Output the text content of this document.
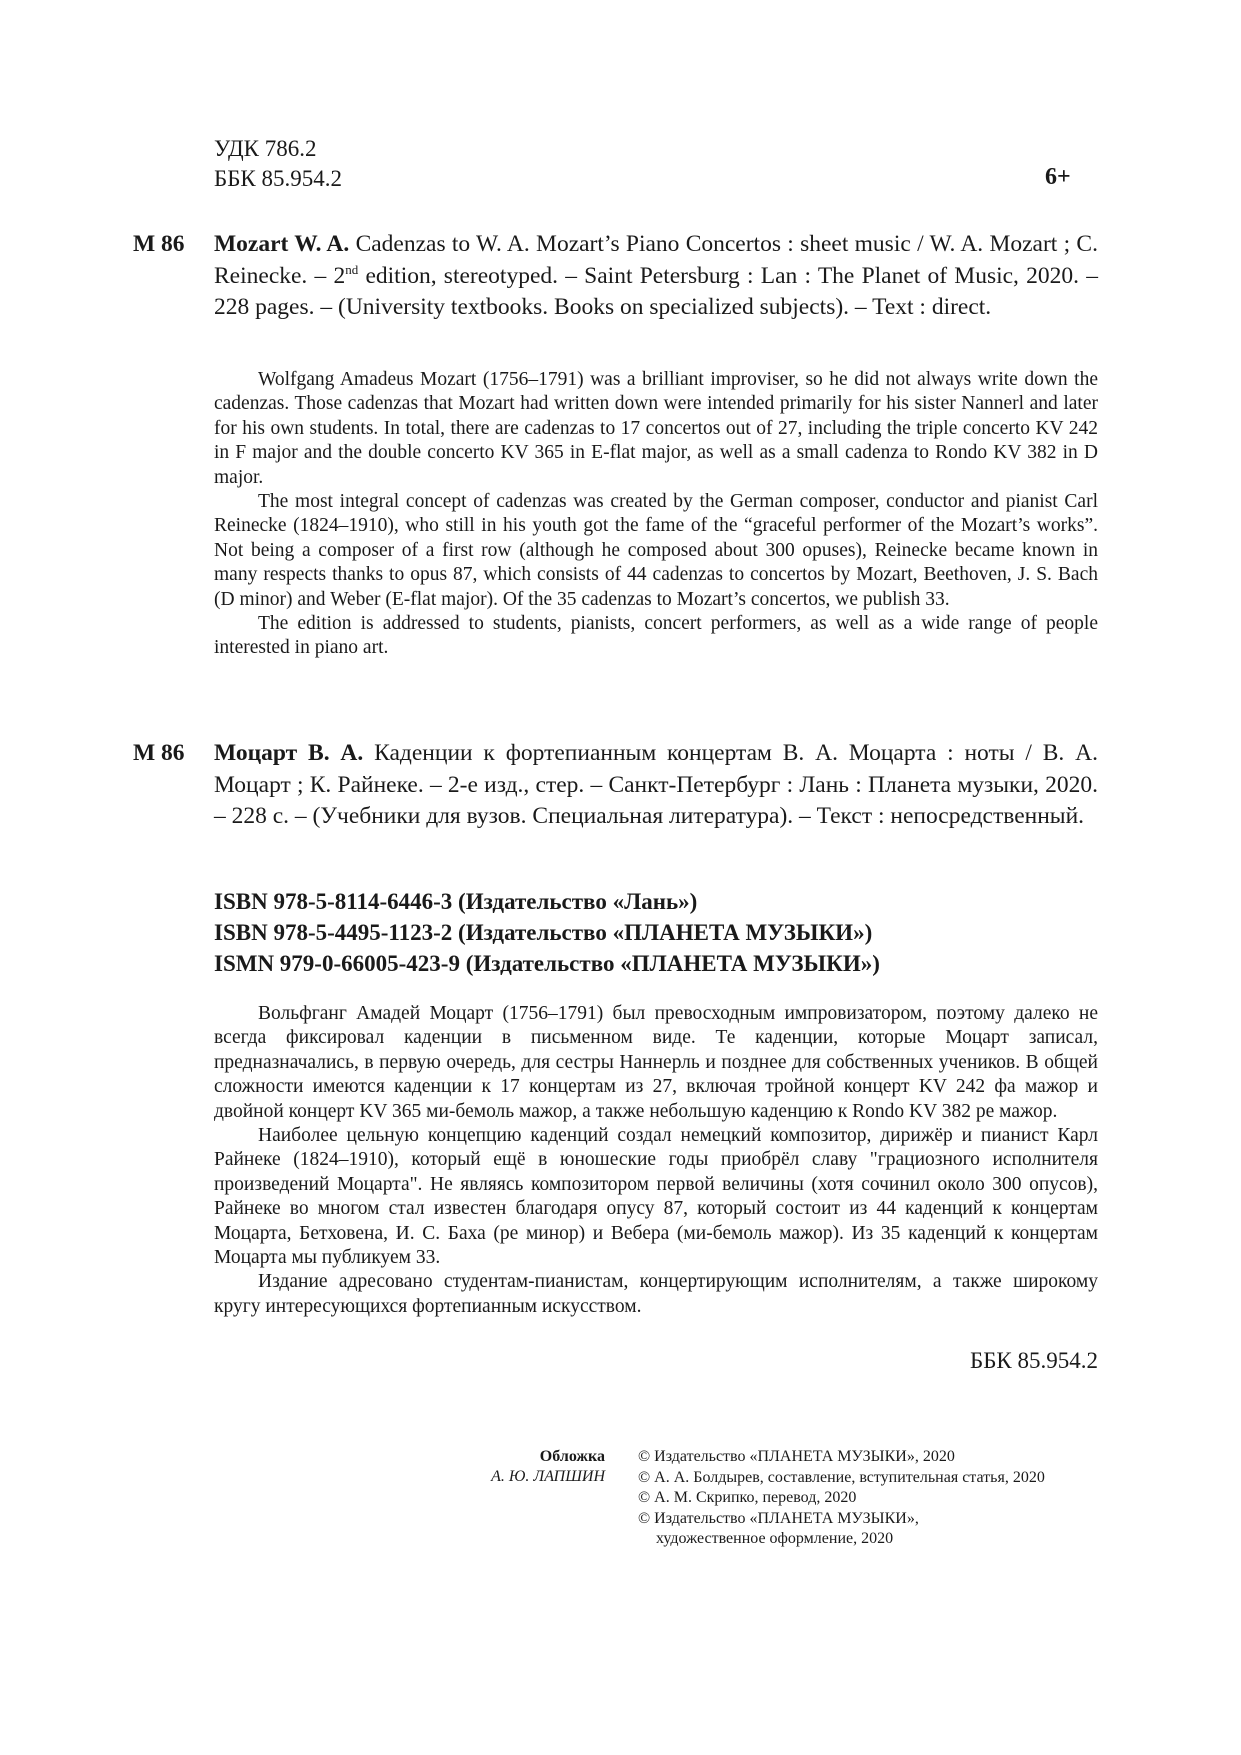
УДК 786.2
ББК 85.954.2	6+
M 86 Mozart W. A. Cadenzas to W. A. Mozart’s Piano Concertos : sheet music / W. A. Mozart ; C. Reinecke. – 2nd edition, stereotyped. – Saint Petersburg : Lan : The Planet of Music, 2020. – 228 pages. – (University textbooks. Books on specialized subjects). – Text : direct.

Wolfgang Amadeus Mozart (1756–1791) was a brilliant improviser, so he did not always write down the cadenzas. Those cadenzas that Mozart had written down were intended primarily for his sister Nannerl and later for his own students. In total, there are cadenzas to 17 concertos out of 27, including the triple concerto KV 242 in F major and the double concerto KV 365 in E-flat major, as well as a small cadenza to Rondo KV 382 in D major.

The most integral concept of cadenzas was created by the German composer, conductor and pianist Carl Reinecke (1824–1910), who still in his youth got the fame of the “graceful performer of the Mozart’s works”. Not being a composer of a first row (although he composed about 300 opuses), Reinecke became known in many respects thanks to opus 87, which consists of 44 cadenzas to concertos by Mozart, Beethoven, J. S. Bach (D minor) and Weber (E-flat major). Of the 35 cadenzas to Mozart’s concertos, we publish 33.

The edition is addressed to students, pianists, concert performers, as well as a wide range of people interested in piano art.

М 86 Моцарт В. А. Каденции к фортепианным концертам В. А. Моцарта : ноты / В. А. Моцарт ; К. Райнеке. – 2-е изд., стер. – Санкт-Петербург : Лань : Планета музыки, 2020. – 228 с. – (Учебники для вузов. Специальная литература). – Текст : непосредственный.
ISBN 978-5-8114-6446-3 (Издательство «Лань»)
ISBN 978-5-4495-1123-2 (Издательство «ПЛАНЕТА МУЗЫКИ»)
ISMN 979-0-66005-423-9 (Издательство «ПЛАНЕТА МУЗЫКИ»)

Вольфганг Амадей Моцарт (1756–1791) был превосходным импровизатором, поэтому далеко не всегда фиксировал каденции в письменном виде. Те каденции, которые Моцарт записал, предназначались, в первую очередь, для сестры Наннерль и позднее для собственных учеников. В общей сложности имеются каденции к 17 концертам из 27, включая тройной концерт KV 242 фа мажор и двойной концерт KV 365 ми-бемоль мажор, а также небольшую каденцию к Rondo KV 382 ре мажор.

Наиболее цельную концепцию каденций создал немецкий композитор, дирижёр и пианист Карл Райнеке (1824–1910), который ещё в юношеские годы приобрёл славу "грациозного исполнителя произведений Моцарта". Не являясь композитором первой величины (хотя сочинил около 300 опусов), Райнеке во многом стал известен благодаря опусу 87, который состоит из 44 каденций к концертам Моцарта, Бетховена, И. С. Баха (ре минор) и Вебера (ми-бемоль мажор). Из 35 каденций к концертам Моцарта мы публикуем 33.

Издание адресовано студентам-пианистам, концертирующим исполнителям, а также широкому кругу интересующихся фортепианным искусством.

ББК 85.954.2
Обложка
А. Ю. ЛАПШИН
© Издательство «ПЛАНЕТА МУЗЫКИ», 2020
© А. А. Болдырев, составление, вступительная статья, 2020
© А. М. Скрипко, перевод, 2020
© Издательство «ПЛАНЕТА МУЗЫКИ»,
художественное оформление, 2020
